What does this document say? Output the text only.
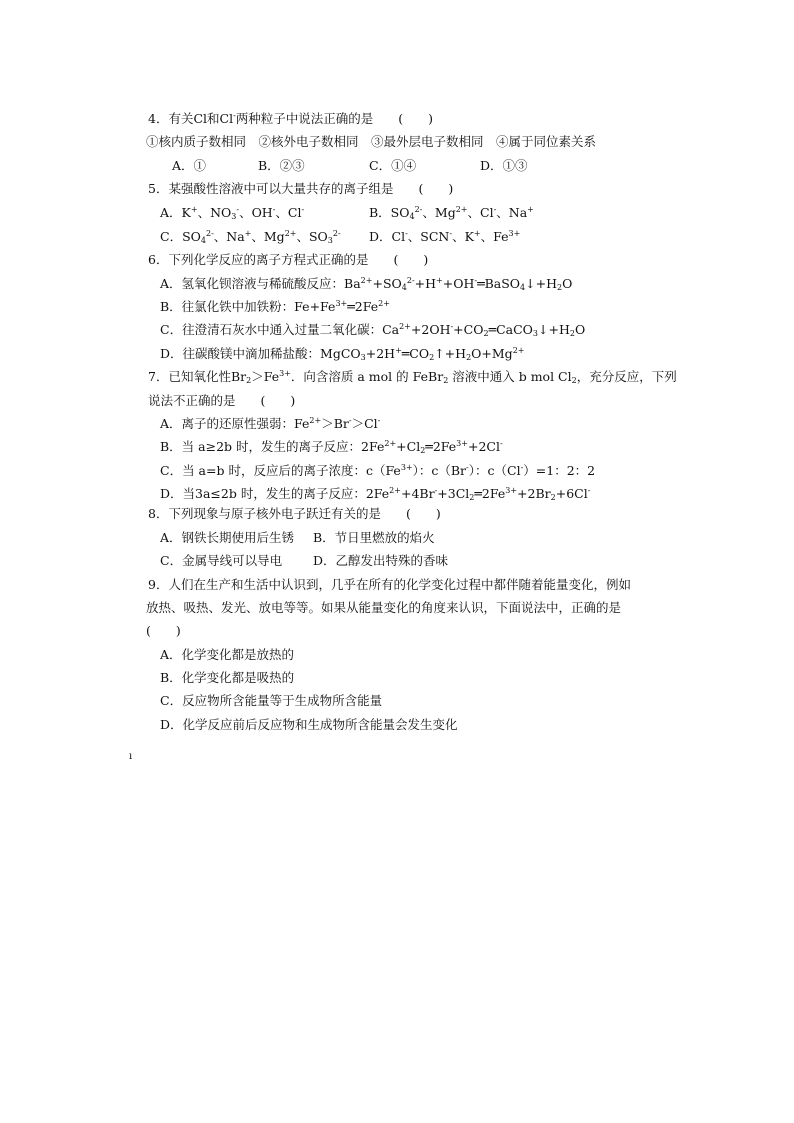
4．有关Cl和Cl-两种粒子中说法正确的是　　(　　)
①核内质子数相同　②核外电子数相同　③最外层电子数相同　④属于同位素关系
A．①	B．②③	C．①④	D．①③
5．某强酸性溶液中可以大量共存的离子组是　　(　　)
A．K+、$NO_3^-$、OH-、Cl-	B．$SO_4^{2-}$、$Mg^{2+}$、Cl-、Na+
C．$SO_4^{2-}$、Na+、$Mg^{2+}$、$SO_3^{2-}$ D．Cl-、SCN-、K+、$Fe^{3+}$
6．下列化学反应的离子方程式正确的是　　(　　)
A．氢氧化钡溶液与稀硫酸反应：$Ba^{2+}+SO_4^{2-}+H^++OH^-═BaSO_4↓+H_2O$
B．往氯化铁中加铁粉：$Fe+Fe^{3+}═2Fe^{2+}$
C．往澄清石灰水中通入过量二氧化碳：$Ca^{2+}+2OH^-+CO_2═CaCO_3↓+H_2O$
D．往碳酸镁中滴加稀盐酸：$MgCO_3+2H^+═CO_2↑+H_2O+Mg^{2+}$
7．已知氧化性$Br_2>Fe^{3+}$．向含溶质 a mol 的 FeBr$_2$ 溶液中通入 b mol $Cl_2$，充分反应，下列
说法不正确的是　　(　　)
A．离子的还原性强弱：$Fe^{2+}>Br^->Cl^-$
B．当 a≥2b 时，发生的离子反应：$2Fe^{2+}+Cl_2═2Fe^{3+}+2Cl^-$
C．当 a=b 时，反应后的离子浓度：$c(Fe^{3+})$：c（Br-）：c（Cl-）=1：2：2
D．当3a≤2b 时，发生的离子反应：$2Fe^{2+}+4Br^-+3Cl_2═2Fe^{3+}+2Br_2+6Cl^-$
8．下列现象与原子核外电子跃迁有关的是　　(　　)
A．钢铁长期使用后生锈 B．节日里燃放的焰火
C．金属导线可以导电 D．乙醇发出特殊的香味
9．人们在生产和生活中认识到，几乎在所有的化学变化过程中都伴随着能量变化，例如
放热、吸热、发光、放电等等。如果从能量变化的角度来认识，下面说法中，正确的是
(　　)
A．化学变化都是放热的
B．化学变化都是吸热的
C．反应物所含能量等于生成物所含能量
D．化学反应前后反应物和生成物所含能量会发生变化
ı
